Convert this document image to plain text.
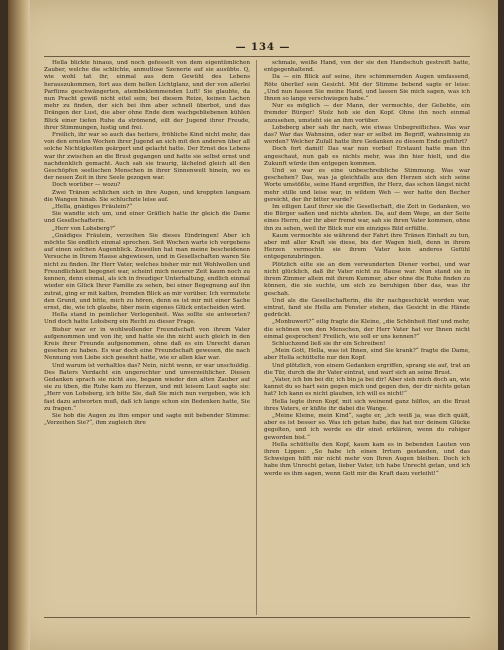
— 134 —

Hella blickte hinaus, und noch gefesselt von dem eigentümlichen Zauber, welche die schlichte, anmutlose Szenerie auf sie ausübte. Q, wie wohl tat ihr, einmal aus dem Gewühl des Lebens herauszukommen, fort aus dem hellen Lichtglanz, und der von allerlei Parfüms geschwängerten, atembeklemmenden Luft! Sie glaubte, da nun Pracht gewiß nicht eitel sein; bei diesem Reize, keinen Lachen mehr zu finden, der sich bei ihm aber schnell überbot, und das Drängen der Lust, die aber ohne Ende dem wachgebliebenen kühlen Blick einer tiefen Ruhe da strömend, eilt der Jugend ihrer Freude, ihrer Stimmungen, lustig und frei.

Freilich, ihr war so auch das heitere, fröhliche Kind nicht mehr, das von den ernsten Wochen ihrer Jugend an sich mit den anderen über all solche Nichtigkeiten geärgert und gelacht hatte. Der Ernst des Lebens war ihr zwischen an die Brust gegangen und hatte sie selbst ernst und nachdenklich gemacht. Auch sah sie traurig, lächelnd gleich all den Geschöpfen seelischen Menschen in ihrer Sinnenwelt hinein, wo es der neuen Zeit in ihre Seele gezogen war.

Doch worüber — wozu?

Zwei Tränen schlichen sich in ihre Augen, und kroppten langsam die Wangen hinab. Sie schluchzte leise auf.

„Hella, gnädiges Fräulein?“

Sie wandte sich um, und einer Gräflich hatte ihr gleich die Dame und Gesellschafterin.

„Herr von Lobsberg?“

„Gnädiges Fräulein, verzeihen Sie dieses Eindringen! Aber ich möchte Sie endlich einmal sprechen. Seit Wochen warte ich vergebens auf einen solchen Augenblick. Zuweilen hat man meine bescheidenen Versuche in Ihrem Hause abgewiesen, und in Gesellschaften waren Sie nicht zu finden. Ihr Herr Vater, welches bisher mir mit Wohlwollen und Freundlichkeit begegnet war, scheint mich neuerer Zeit kaum noch zu kennen, denn einmal, als ich in freudiger Unterhaltung, endlich einmal wieder ein Glück Ihrer Familie zu sehen, bei einer Begegnung auf ihn zutrat, ging er mit kalten, fremden Blick an mir vorüber. Ich vermutete den Grund, und bitte, mich zu hören, denn es ist mir mit einer Sache ernst, die, wie ich glaube, über mein eigenes Glück entscheiden wird.

Hella stand in peinlicher Verlegenheit. Was sollte sie antworten? Und doch hatte Lobsberg ein Recht zu dieser Frage.

Bisher war er in wohlwollender Freundschaft von ihrem Vater aufgenommen und von ihr, und hatte sie ihn nicht auch gleich in den Kreis ihrer Freunde aufgenommen, ohne daß es ein Unrecht daran gesehen zu haben. Es war doch eine Freundschaft gewesen, die nach Nennung von Liebe sich gesehnt hatte, wie er allen klar war.

Und warum ist verhaltlos das? Nein, nicht wenn, er war unschuldig. Des Baters Verdacht ein ungerechter und unverzeihlicher. Diesen Gedanken sprach sie nicht aus, begann wieder den alten Zauber auf sie zu üben, die Ruhe kam zu Herzen, und mit leisem Laut sagte sie: „Herr von Lobsberg, ich bitte Sie, daß Sie mich nun vergeben, wie ich fast dazu antworten muß, daß ich lange schon ein Bedenken hatte, Sie zu fragen.“

Sie hob die Augen zu ihm empor und sagte mit bebender Stimme: „Verzeihen Sie?“, ihm zugleich ihre

schmale, weiße Hand, von der sie den Handschuh gestreift hatte, entgegenhaltend.

Da — ein Blick auf seine, ihre schimmernden Augen umfassend, Röte überlief sein Gesicht. Mit der Stimme bebend sagte er leise: „Und nun fassen Sie meine Hand, und lassen Sie mich sagen, was ich Ihnen so lange verschwiegen habe.“

Nur es möglich — der Mann, der vermochte, der Geliebte, ein fremder Bürger! Stolz hob sie den Kopf. Ohne ihn noch einmal anzusehen, umsteht sie an ihm vorüber.

Lobsberg aber sah ihr nach, wie etwas Unbegreifliches. Was war das? War das Wahnsinn, oder war er selbst im Begriff, wahnsinnig zu werden? Welcher Zufall hatte ihre Gedanken zu diesem Ende geführt?

Doch fort damit! Das war nun vorbei! Erstaunt hatte man ihn angeschaut, nun gab es nichts mehr, was ihn hier hielt, und die Zukunft würde ihm entgegen kommen.

Und so war es eine unbeschreibliche Stimmung. Was war geschehen? Das, was ja gleichfalls aus den Herzen sich sich seine Worte umstößte, seine Hand ergriffen, ihr Herz, das schon längst nicht mehr stille und leise war, in wildem Weh — wer hatte den Becher gereicht, der ihr bitter wurde?

Im eiligen Lauf ihrer sie die Gesellschaft, die Zeit in Gedanken, wo die Bürger saßen und nichts ahnten. Da, auf dem Wege, an der Seite eines Herrn, der ihr aber fremd war, sah sie ihren Vater kommen, ohne ihn zu sehen, weil ihr Blick nur ein einziges Bild erfüllte.

Kaum vermochte sie während der Fahrt ihre Tränen Einhalt zu tun, aber mit aller Kraft sie diese, bis der Wagen hielt, denn in ihrem Herzen vermochte sie ihrem Vater kein anderes Gefühl entgegenzubringen.

Plötzlich eilte sie an dem verwunderten Diener vorbei, und war nicht glücklich, daß ihr Vater nicht zu Hause war. Nun stand sie in ihrem Zimmer allein mit ihrem Kummer, aber ohne die Ruhe finden zu können, die sie suchte, um sich zu beruhigen über das, was ihr geschah.

Und als die Gesellschafterin, die ihr nachgeschickt worden war, eintrat, fand sie Hella am Fenster stehen, das Gesicht in die Hände gedrückt.

„Monbuwert?“ eilig fragte die Kleine, „die Schönheit fünf und mehr, die schönen von den Menschen, der Herr Vater hat vor Ihnen nicht einmal gesprochen! Freilich, wie soll er uns kennen?“

Schluchzend ließ sie ihr ein Schreiben!

„Mein Gott, Hella, was ist Ihnen, sind Sie krank?“ fragte die Dame, aber Hella schüttelte nur den Kopf.

Und plötzlich, von einem Gedanken ergriffen, sprang sie auf, trat an die Tür, durch die ihr Vater eintrat, und warf sich an seine Brust.

„Vater, ich bin bei dir, ich bin ja bei dir! Aber sieh mich doch an, wie kannst du so hart sein gegen mich und gegen den, der dir nichts getan hat? Ich kann es nicht glauben, ich will es nicht!“

Hella legte ihren Kopf, mit sich weinend ganz hilflos, an die Brust ihres Vaters, er küßte ihr dabei die Wange.

„Meine Kleine, mein Kind“, sagte er, „ich weiß ja, was dich quält, aber es ist besser so. Was ich getan habe, das hat nur deinem Glücke gegolten, und ich werde es dir einst erklären, wenn du ruhiger geworden bist.“

Hella schüttelte den Kopf, kaum kam es in bebenden Lauten von ihren Lippen: „So habe ich einen Irrtum gestanden, und das Schweigen hilft mir nicht mehr von Ihren Augen bleiben. Doch ich habe ihm Unrecht getan, lieber Vater, ich habe Unrecht getan, und ich werde es ihm sagen, wenn Gott mir die Kraft dazu verleiht!“
